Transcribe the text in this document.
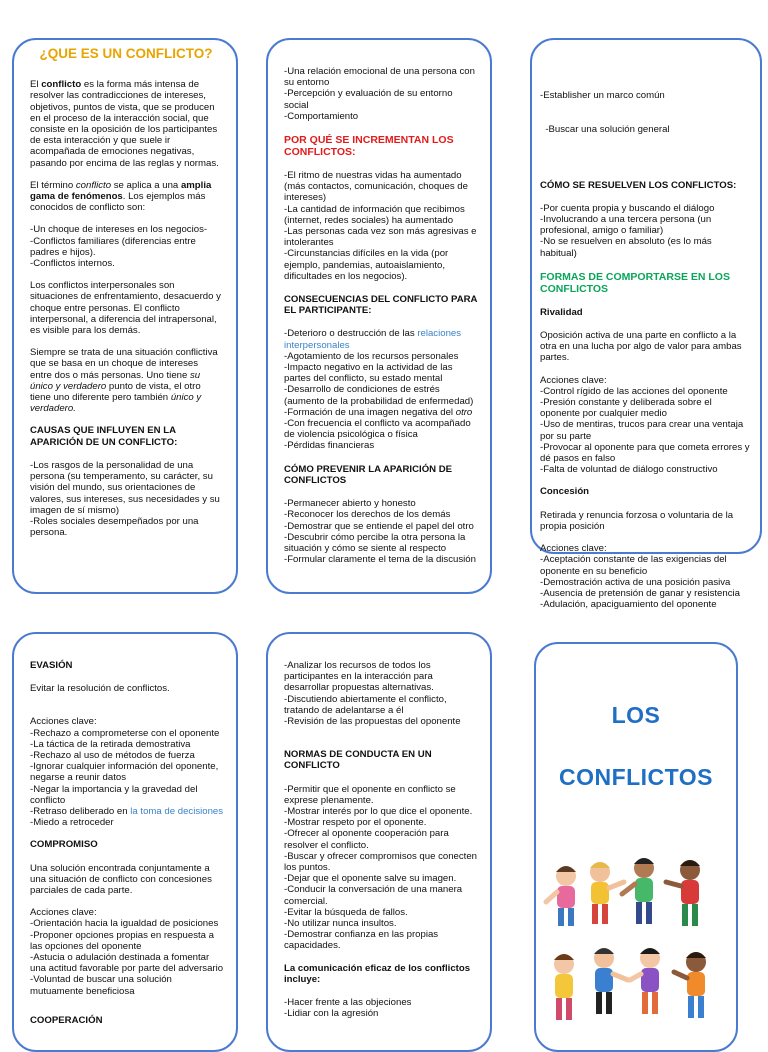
¿QUE ES UN CONFLICTO?

El conflicto es la forma más intensa de resolver las contradicciones de intereses, objetivos, puntos de vista, que se producen en el proceso de la interacción social, que consiste en la oposición de los participantes de esta interacción y que suele ir acompañada de emociones negativas, pasando por encima de las reglas y normas.

El término conflicto se aplica a una amplia gama de fenómenos. Los ejemplos más conocidos de conflicto son:

-Un choque de intereses en los negocios-
-Conflictos familiares (diferencias entre padres e hijos).
-Conflictos internos.

Los conflictos interpersonales son situaciones de enfrentamiento, desacuerdo y choque entre personas. El conflicto interpersonal, a diferencia del intrapersonal, es visible para los demás.

Siempre se trata de una situación conflictiva que se basa en un choque de intereses entre dos o más personas. Uno tiene su único y verdadero punto de vista, el otro tiene uno diferente pero también único y verdadero.

CAUSAS QUE INFLUYEN EN LA APARICIÓN DE UN CONFLICTO:

-Los rasgos de la personalidad de una persona (su temperamento, su carácter, su visión del mundo, sus orientaciones de valores, sus intereses, sus necesidades y su imagen de sí mismo)
-Roles sociales desempeñados por una persona.

-Una relación emocional de una persona con su entorno
-Percepción y evaluación de su entorno social
-Comportamiento

POR QUÉ SE INCREMENTAN LOS CONFLICTOS:

-El ritmo de nuestras vidas ha aumentado (más contactos, comunicación, choques de intereses)
-La cantidad de información que recibimos (internet, redes sociales) ha aumentado
-Las personas cada vez son más agresivas e intolerantes
-Circunstancias difíciles en la vida (por ejemplo, pandemias, autoaislamiento, dificultades en los negocios).

CONSECUENCIAS DEL CONFLICTO PARA EL PARTICIPANTE:

-Deterioro o destrucción de las relaciones interpersonales
-Agotamiento de los recursos personales
-Impacto negativo en la actividad de las partes del conflicto, su estado mental
-Desarrollo de condiciones de estrés (aumento de la probabilidad de enfermedad)
-Formación de una imagen negativa del otro
-Con frecuencia el conflicto va acompañado de violencia psicológica o física
-Pérdidas financieras

CÓMO PREVENIR LA APARICIÓN DE CONFLICTOS

-Permanecer abierto y honesto
-Reconocer los derechos de los demás
-Demostrar que se entiende el papel del otro
-Descubrir cómo percibe la otra persona la situación y cómo se siente al respecto
-Formular claramente el tema de la discusión

-Establisher un marco común

-Buscar una solución general

CÓMO SE RESUELVEN LOS CONFLICTOS:

-Por cuenta propia y buscando el diálogo
-Involucrando a una tercera persona (un profesional, amigo o familiar)
-No se resuelven en absoluto (es lo más habitual)

FORMAS DE COMPORTARSE EN LOS CONFLICTOS
Rivalidad

Oposición activa de una parte en conflicto a la otra en una lucha por algo de valor para ambas partes.

Acciones clave:
-Control rígido de las acciones del oponente
-Presión constante y deliberada sobre el oponente por cualquier medio
-Uso de mentiras, trucos para crear una ventaja por su parte
-Provocar al oponente para que cometa errores y dé pasos en falso
-Falta de voluntad de diálogo constructivo

Concesión

Retirada y renuncia forzosa o voluntaria de la propia posición

Acciones clave:
-Aceptación constante de las exigencias del oponente en su beneficio
-Demostración activa de una posición pasiva
-Ausencia de pretensión de ganar y resistencia
-Adulación, apaciguamiento del oponente

EVASIÓN

Evitar la resolución de conflictos.

Acciones clave:
-Rechazo a comprometerse con el oponente
-La táctica de la retirada demostrativa
-Rechazo al uso de métodos de fuerza
-Ignorar cualquier información del oponente, negarse a reunir datos
-Negar la importancia y la gravedad del conflicto
-Retraso deliberado en la toma de decisiones
-Miedo a retroceder

COMPROMISO

Una solución encontrada conjuntamente a una situación de conflicto con concesiones parciales de cada parte.

Acciones clave:
-Orientación hacia la igualdad de posiciones
-Proponer opciones propias en respuesta a las opciones del oponente
-Astucia o adulación destinada a fomentar una actitud favorable por parte del adversario
-Voluntad de buscar una solución mutuamente beneficiosa

COOPERACIÓN

-Analizar los recursos de todos los participantes en la interacción para desarrollar propuestas alternativas.
-Discutiendo abiertamente el conflicto, tratando de adelantarse a él
-Revisión de las propuestas del oponente

NORMAS DE CONDUCTA EN UN CONFLICTO

-Permitir que el oponente en conflicto se exprese plenamente.
-Mostrar interés por lo que dice el oponente.
-Mostrar respeto por el oponente.
-Ofrecer al oponente cooperación para resolver el conflicto.
-Buscar y ofrecer compromisos que conecten los puntos.
-Dejar que el oponente salve su imagen.
-Conducir la conversación de una manera comercial.
-Evitar la búsqueda de fallos.
-No utilizar nunca insultos.
-Demostrar confianza en las propias capacidades.

La comunicación eficaz de los conflictos incluye:

-Hacer frente a las objeciones
-Lidiar con la agresión

LOS
CONFLICTOS
